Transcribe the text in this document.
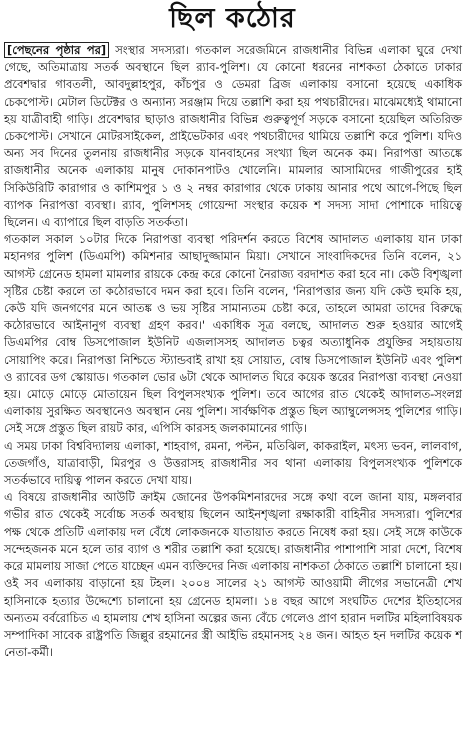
ছিল কঠোর

[পেছনের পৃষ্ঠার পর] সংস্থার সদস্যরা। গতকাল সরেজমিনে রাজধানীর বিভিন্ন এলাকা ঘুরে দেখা গেছে, অতিমাত্রায় সতর্ক অবস্থানে ছিল র‍্যাব-পুলিশ। যে কোনো ধরনের নাশকতা ঠেকাতে ঢাকার প্রবেশদ্বার গাবতলী, আবদুল্লাহপুর, কাঁচপুর ও ডেমরা ব্রিজ এলাকায় বসানো হয়েছে একাধিক চেকপোস্ট। মেটাল ডিটেক্টর ও অন্যান্য সরঞ্জাম দিয়ে তল্লাশি করা হয় পথচারীদের। মাঝেমধ্যেই থামানো হয় যাত্রীবাহী গাড়ি। প্রবেশদ্বার ছাড়াও রাজধানীর বিভিন্ন গুরুত্বপূর্ণ সড়কে বসানো হয়েছিল অতিরিক্ত চেকপোস্ট। সেখানে মোটরসাইকেল, প্রাইভেটকার এবং পথচারীদের থামিয়ে তল্লাশি করে পুলিশ। যদিও অন্য সব দিনের তুলনায় রাজধানীর সড়কে যানবাহনের সংখ্যা ছিল অনেক কম। নিরাপত্তা আতঙ্কে রাজধানীর অনেক এলাকায় মানুষ দোকানপাটও খোলেনি। মামলার আসামিদের গাজীপুরের হাই সিকিউরিটি কারাগার ও কাশিমপুর ১ ও ২ নম্বর কারাগার থেকে ঢাকায় আনার পথে আগে-পিছে ছিল ব্যাপক নিরাপত্তা ব্যবস্থা। র‍্যাব, পুলিশসহ গোয়েন্দা সংস্থার কয়েক শ সদস্য সাদা পোশাকে দায়িত্বে ছিলেন। এ ব্যাপারে ছিল বাড়তি সতর্কতা।

গতকাল সকাল ১০টার দিকে নিরাপত্তা ব্যবস্থা পরিদর্শন করতে বিশেষ আদালত এলাকায় যান ঢাকা মহানগর পুলিশ (ডিএমপি) কমিশনার আছাদুজ্জামান মিয়া। সেখানে সাংবাদিকদের তিনি বলেন, ২১ আগস্ট গ্রেনেড হামলা মামলার রায়কে কেন্দ্র করে কোনো নৈরাজ্য বরদাশত করা হবে না। কেউ বিশৃঙ্খলা সৃষ্টির চেষ্টা করলে তা কঠোরভাবে দমন করা হবে। তিনি বলেন, 'নিরাপত্তার জন্য যদি কেউ হুমকি হয়, কেউ যদি জনগণের মনে আতঙ্ক ও ভয় সৃষ্টির সামান্যতম চেষ্টা করে, তাহলে আমরা তাদের বিরুদ্ধে কঠোরভাবে আইনানুগ ব্যবস্থা গ্রহণ করব।' একাধিক সূত্র বলছে, আদালত শুরু হওয়ার আগেই ডিএমপির বোম্ব ডিসপোজাল ইউনিট এজলাসসহ আদালত চত্বর অত্যাধুনিক প্রযুক্তির সহায়তায় সোয়াপিং করে। নিরাপত্তা নিশ্চিতে স্ট্যান্ডবাই রাখা হয় সোয়াত, বোম্ব ডিসপোজাল ইউনিট এবং পুলিশ ও র‍্যাবের ডগ স্কোয়াড। গতকাল ভোর ৬টা থেকে আদালত ঘিরে কয়েক স্তরের নিরাপত্তা ব্যবস্থা নেওয়া হয়। মোড়ে মোড়ে মোতায়েন ছিল বিপুলসংখ্যক পুলিশ। তবে আগের রাত থেকেই আদালত-সংলগ্ন এলাকায় সুরক্ষিত অবস্থানেও অবস্থান নেয় পুলিশ। সার্বক্ষণিক প্রস্তুত ছিল অ্যাম্বুলেন্সসহ পুলিশের গাড়ি। সেই সঙ্গে প্রস্তুত ছিল রায়ট কার, এপিসি কারসহ জলকামানের গাড়ি।

এ সময় ঢাকা বিশ্ববিদ্যালয় এলাকা, শাহবাগ, রমনা, পল্টন, মতিঝিল, কাকরাইল, মৎস্য ভবন, লালবাগ, তেজগাঁও, যাত্রাবাড়ী, মিরপুর ও উত্তরাসহ রাজধানীর সব থানা এলাকায় বিপুলসংখ্যক পুলিশকে সতর্কভাবে দায়িত্ব পালন করতে দেখা যায়।

এ বিষয়ে রাজধানীর আউটি ক্রাইম জোনের উপকমিশনারদের সঙ্গে কথা বলে জানা যায়, মঙ্গলবার গভীর রাত থেকেই সর্বোচ্চ সতর্ক অবস্থায় ছিলেন আইনশৃঙ্খলা রক্ষাকারী বাহিনীর সদস্যরা। পুলিশের পক্ষ থেকে প্রতিটি এলাকায় দল বেঁধে লোকজনকে যাতায়াত করতে নিষেধ করা হয়। সেই সঙ্গে কাউকে সন্দেহজনক মনে হলে তার ব্যাগ ও শরীর তল্লাশি করা হয়েছে। রাজধানীর পাশাপাশি সারা দেশে, বিশেষ করে মামলায় সাজা পেতে যাচ্ছেন এমন ব্যক্তিদের নিজ এলাকায় নাশকতা ঠেকাতে তল্লাশি চালানো হয়। ওই সব এলাকায় বাড়ানো হয় টহল। ২০০৪ সালের ২১ আগস্ট আওয়ামী লীগের সভানেত্রী শেখ হাসিনাকে হত্যার উদ্দেশ্যে চালানো হয় গ্রেনেড হামলা। ১৪ বছর আগে সংঘটিত দেশের ইতিহাসের অন্যতম বর্বরোচিত এ হামলায় শেখ হাসিনা অল্পের জন্য বেঁচে গেলেও প্রাণ হারান দলটির মহিলাবিষয়ক সম্পাদিকা সাবেক রাষ্ট্রপতি জিল্লুর রহমানের স্ত্রী আইভি রহমানসহ ২৪ জন। আহত হন দলটির কয়েক শ নেতা-কর্মী।
